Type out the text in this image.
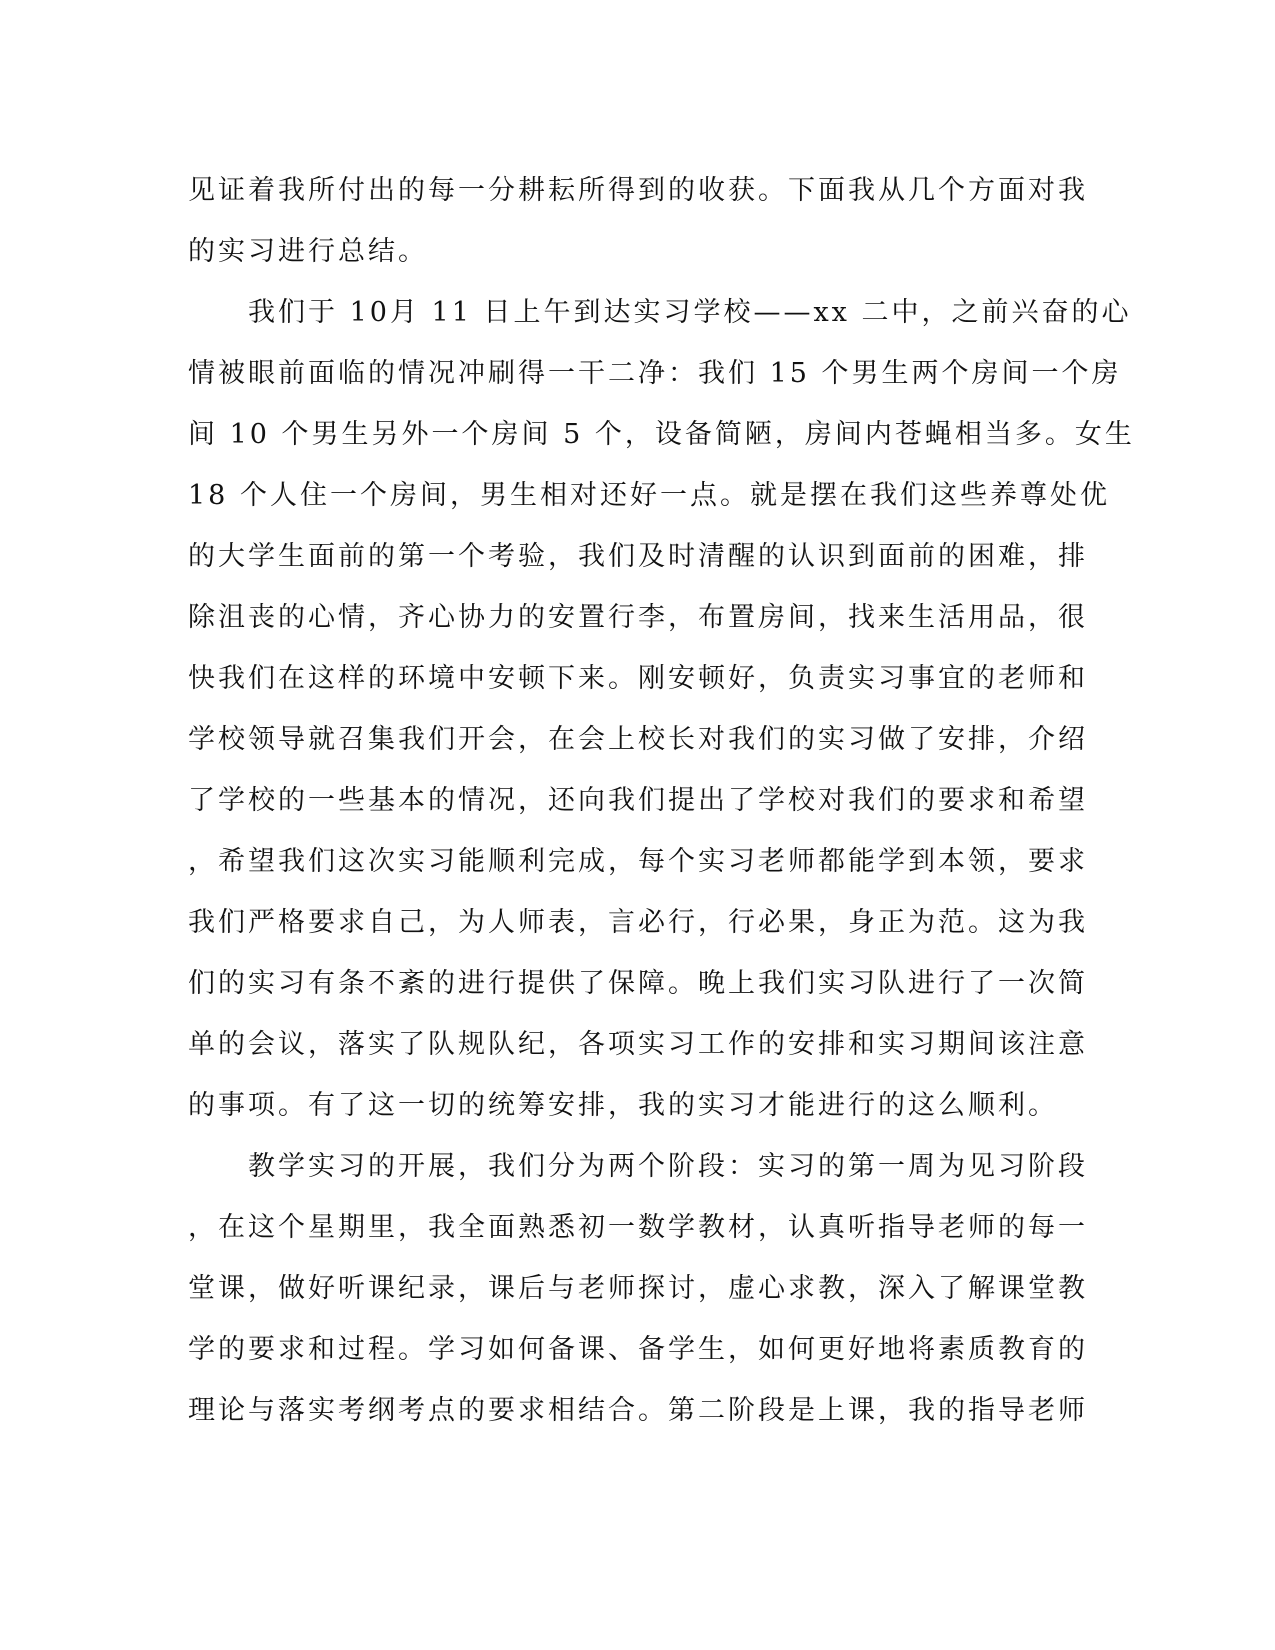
见证着我所付出的每一分耕耘所得到的收获。下面我从几个方面对我
的实习进行总结。
　　我们于 10月 11 日上午到达实习学校——xx 二中，之前兴奋的心
情被眼前面临的情况冲刷得一干二净：我们 15 个男生两个房间一个房
间 10 个男生另外一个房间 5 个，设备简陋，房间内苍蝇相当多。女生
18 个人住一个房间，男生相对还好一点。就是摆在我们这些养尊处优
的大学生面前的第一个考验，我们及时清醒的认识到面前的困难，排
除沮丧的心情，齐心协力的安置行李，布置房间，找来生活用品，很
快我们在这样的环境中安顿下来。刚安顿好，负责实习事宜的老师和
学校领导就召集我们开会，在会上校长对我们的实习做了安排，介绍
了学校的一些基本的情况，还向我们提出了学校对我们的要求和希望
，希望我们这次实习能顺利完成，每个实习老师都能学到本领，要求
我们严格要求自己，为人师表，言必行，行必果，身正为范。这为我
们的实习有条不紊的进行提供了保障。晚上我们实习队进行了一次简
单的会议，落实了队规队纪，各项实习工作的安排和实习期间该注意
的事项。有了这一切的统筹安排，我的实习才能进行的这么顺利。
　　教学实习的开展，我们分为两个阶段：实习的第一周为见习阶段
，在这个星期里，我全面熟悉初一数学教材，认真听指导老师的每一
堂课，做好听课纪录，课后与老师探讨，虚心求教，深入了解课堂教
学的要求和过程。学习如何备课、备学生，如何更好地将素质教育的
理论与落实考纲考点的要求相结合。第二阶段是上课，我的指导老师
